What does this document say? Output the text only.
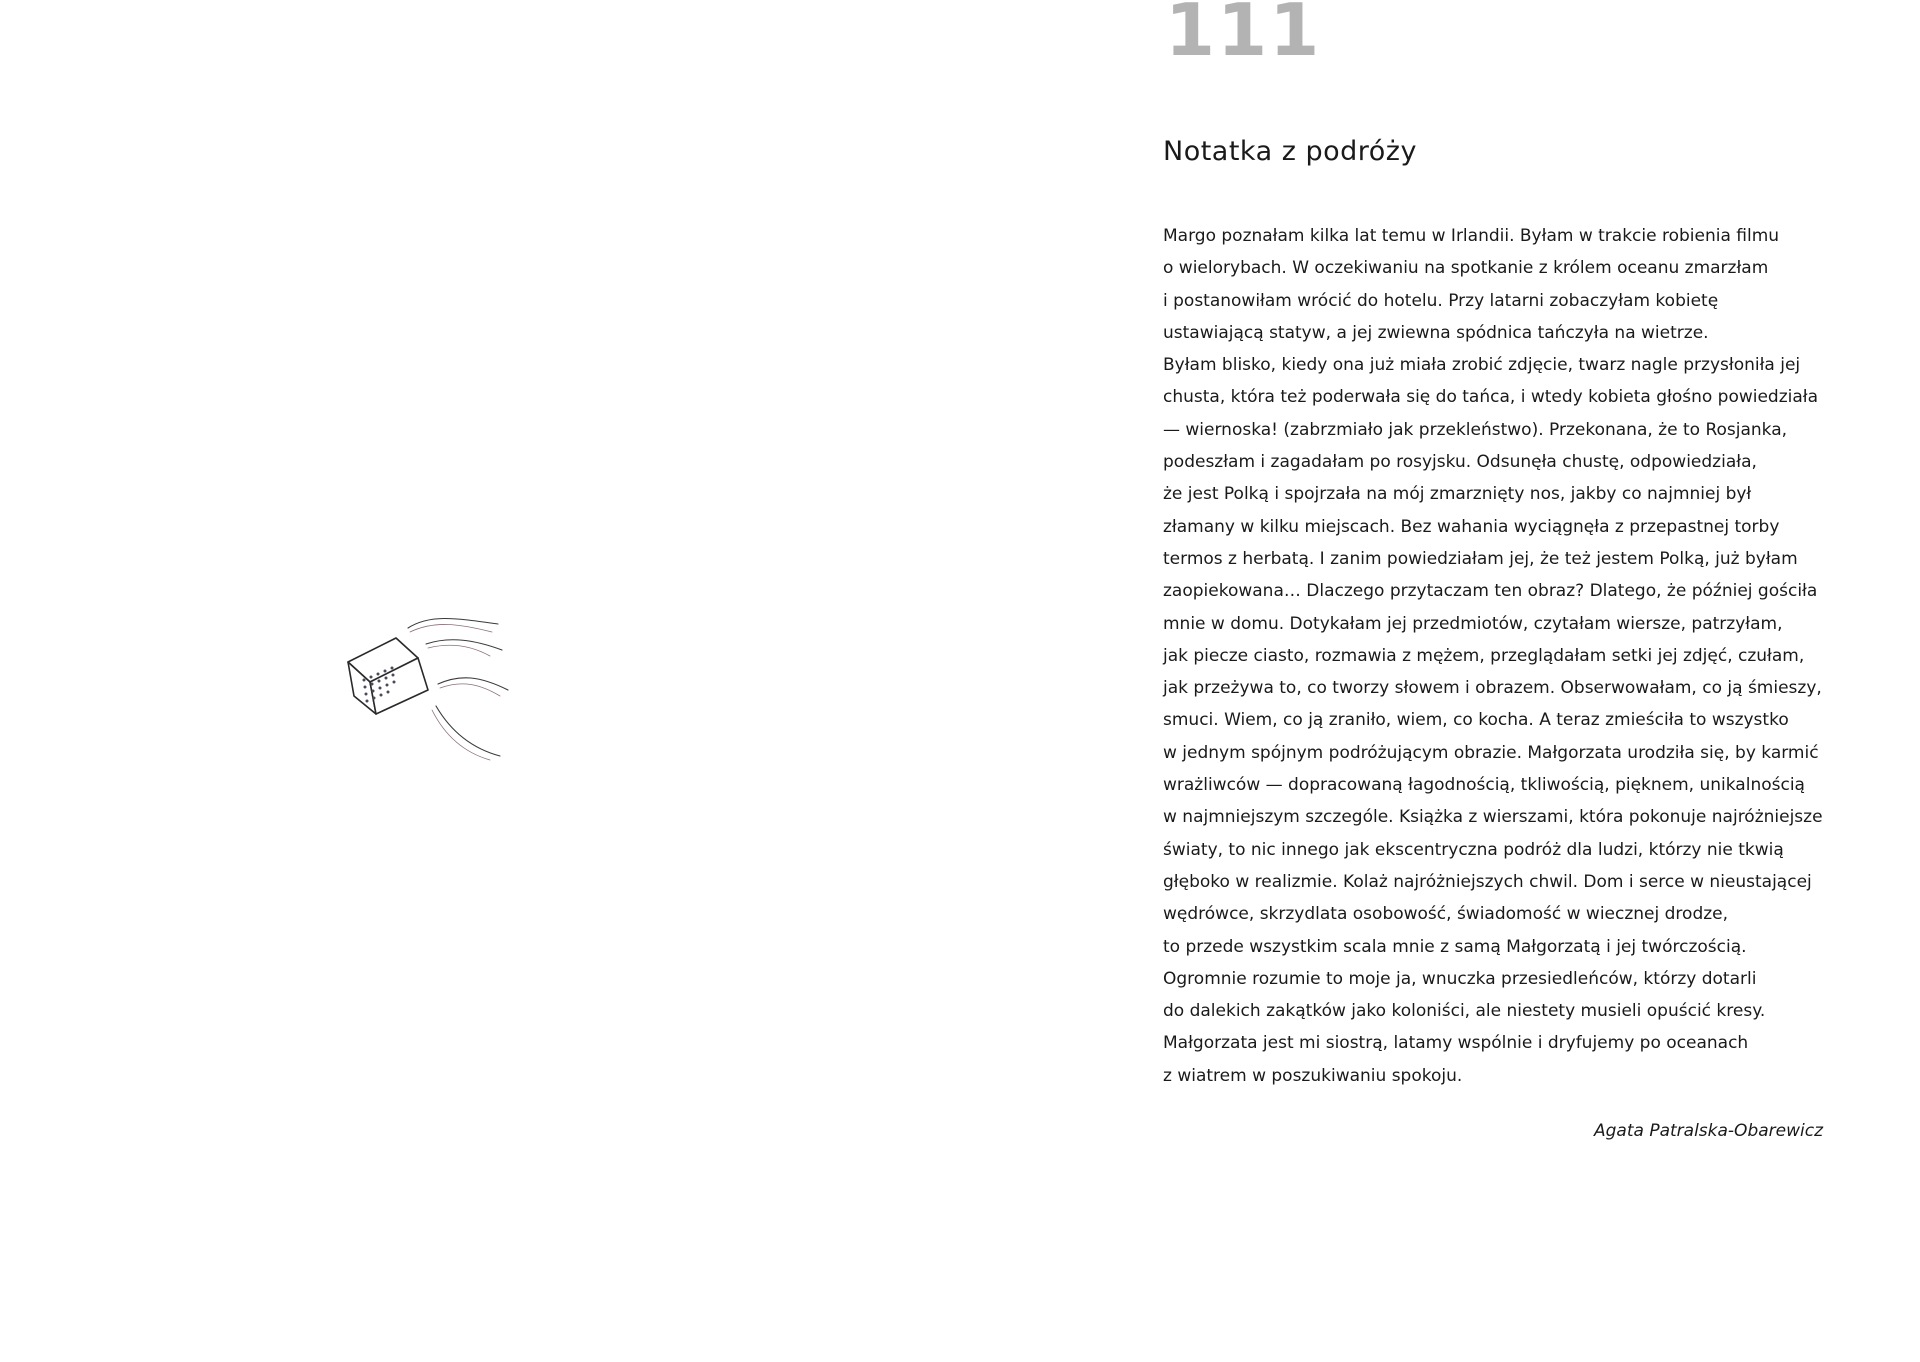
111
Notatka z podróży
Margo poznałam kilka lat temu w Irlandii. Byłam w trakcie robienia filmu
o wielorybach. W oczekiwaniu na spotkanie z królem oceanu zmarzłam
i postanowiłam wrócić do hotelu. Przy latarni zobaczyłam kobietę
ustawiającą statyw, a jej zwiewna spódnica tańczyła na wietrze.
Byłam blisko, kiedy ona już miała zrobić zdjęcie, twarz nagle przysłoniła jej
chusta, która też poderwała się do tańca, i wtedy kobieta głośno powiedziała
— wiernoska! (zabrzmiało jak przekleństwo). Przekonana, że to Rosjanka,
podeszłam i zagadałam po rosyjsku. Odsunęła chustę, odpowiedziała,
że jest Polką i spojrzała na mój zmarznięty nos, jakby co najmniej był
złamany w kilku miejscach. Bez wahania wyciągnęła z przepastnej torby
termos z herbatą. I zanim powiedziałam jej, że też jestem Polką, już byłam
zaopiekowana… Dlaczego przytaczam ten obraz? Dlatego, że później gościła
mnie w domu. Dotykałam jej przedmiotów, czytałam wiersze, patrzyłam,
jak piecze ciasto, rozmawia z mężem, przeglądałam setki jej zdjęć, czułam,
jak przeżywa to, co tworzy słowem i obrazem. Obserwowałam, co ją śmieszy,
smuci. Wiem, co ją zraniło, wiem, co kocha. A teraz zmieściła to wszystko
w jednym spójnym podróżującym obrazie. Małgorzata urodziła się, by karmić
wrażliwców — dopracowaną łagodnością, tkliwością, pięknem, unikalnością
w najmniejszym szczególe. Książka z wierszami, która pokonuje najróżniejsze
światy, to nic innego jak ekscentryczna podróż dla ludzi, którzy nie tkwią
głęboko w realizmie. Kolaż najróżniejszych chwil. Dom i serce w nieustającej
wędrówce, skrzydlata osobowość, świadomość w wiecznej drodze,
to przede wszystkim scala mnie z samą Małgorzatą i jej twórczością.
Ogromnie rozumie to moje ja, wnuczka przesiedleńców, którzy dotarli
do dalekich zakątków jako koloniści, ale niestety musieli opuścić kresy.
Małgorzata jest mi siostrą, latamy wspólnie i dryfujemy po oceanach
z wiatrem w poszukiwaniu spokoju.
Agata Patralska-Obarewicz
